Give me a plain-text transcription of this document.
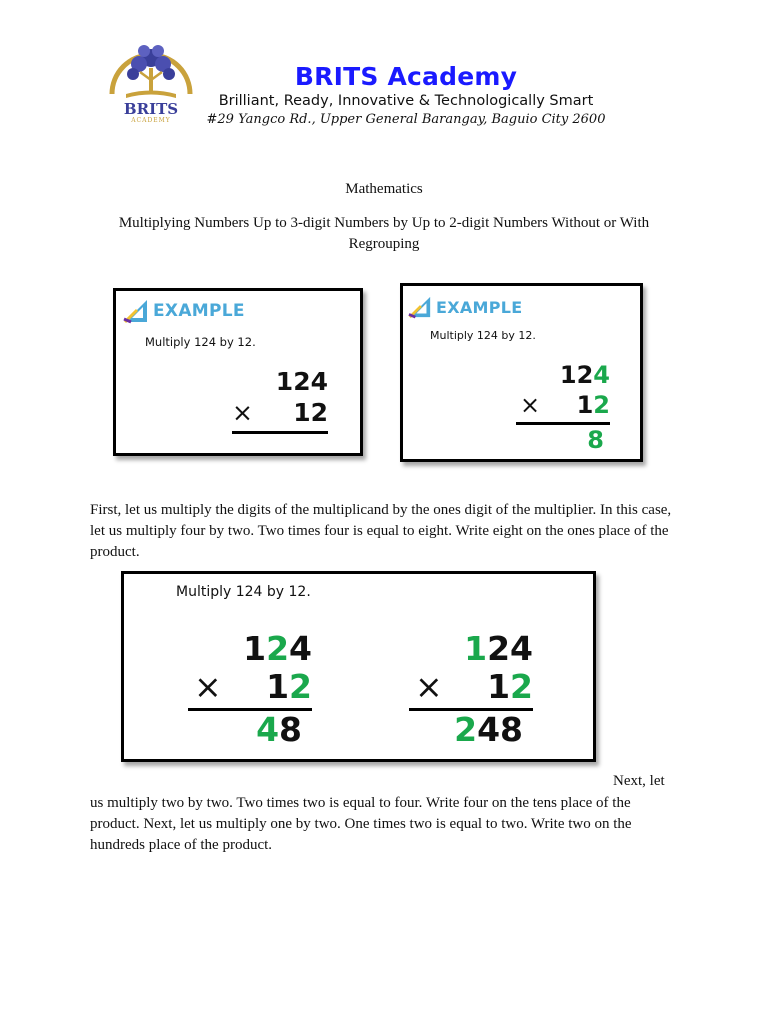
BRITS
ACADEMY
BRITS Academy
Brilliant, Ready, Innovative & Technologically Smart
#29 Yangco Rd., Upper General Barangay, Baguio City 2600
Mathematics
Multiplying Numbers Up to 3-digit Numbers by Up to 2-digit Numbers Without or With Regrouping
EXAMPLE
Multiply 124 by 12.
1 2 4
× 1 2
EXAMPLE
Multiply 124 by 12.
1 2 4
× 1 2
8
First, let us multiply the digits of the multiplicand by the ones digit of the multiplier. In this case, let us multiply four by two. Two times four is equal to eight. Write eight on the ones place of the product.
Multiply 124 by 12.
1 2 4
× 1 2
4 8
1 2 4
× 1 2
2 4 8
Next, let
us multiply two by two. Two times two is equal to four. Write four on the tens place of the product. Next, let us multiply one by two. One times two is equal to two. Write two on the hundreds place of the product.
